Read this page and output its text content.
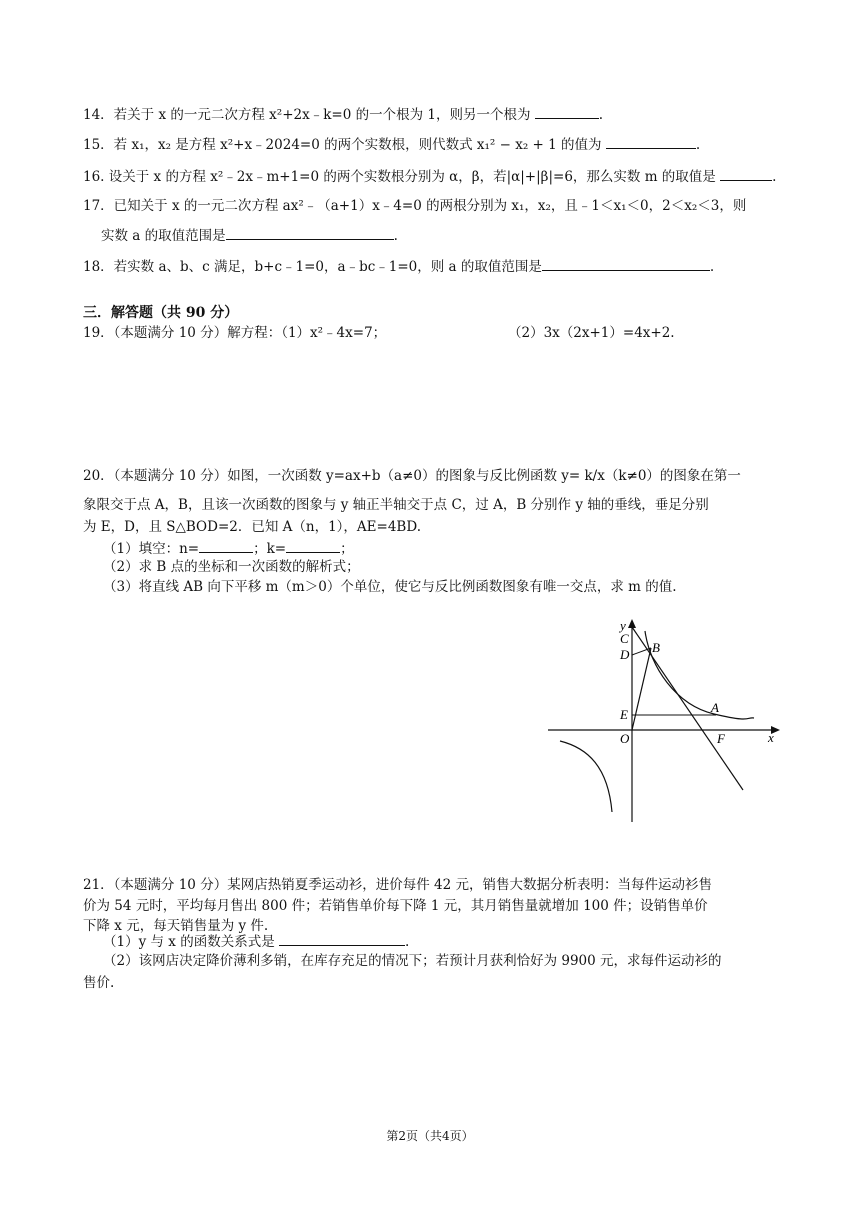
14．若关于 x 的一元二次方程 x²+2x﹣k=0 的一个根为 1，则另一个根为	.
15．若 x₁，x₂ 是方程 x²+x﹣2024=0 的两个实数根，则代数式 x₁² − x₂ + 1 的值为	.
16. 设关于 x 的方程 x²﹣2x﹣m+1=0 的两个实数根分别为 α，β，若|α|+|β|=6，那么实数 m 的取值是	.
17．已知关于 x 的一元二次方程 ax²﹣（a+1）x﹣4=0 的两根分别为 x₁，x₂，且﹣1＜x₁＜0，2＜x₂＜3，则
实数 a 的取值范围是	.
18．若实数 a、b、c 满足，b+c﹣1=0，a﹣bc﹣1=0，则 a 的取值范围是	.
三．解答题（共 90 分）
19．（本题满分 10 分）解方程：（1）x²﹣4x=7；	（2）3x（2x+1）=4x+2.
20．（本题满分 10 分）如图，一次函数 y=ax+b（a≠0）的图象与反比例函数 y= k/x（k≠0）的图象在第一
象限交于点 A，B，且该一次函数的图象与 y 轴正半轴交于点 C，过 A，B 分别作 y 轴的垂线，垂足分别
为 E，D，且 S△BOD=2．已知 A（n，1），AE=4BD.
（1）填空：n=	；k=	；
（2）求 B 点的坐标和一次函数的解析式；
（3）将直线 AB 向下平移 m（m＞0）个单位，使它与反比例函数图象有唯一交点，求 m 的值.
y
x
O
C
D B
E	A
F
21．（本题满分 10 分）某网店热销夏季运动衫，进价每件 42 元，销售大数据分析表明：当每件运动衫售
价为 54 元时，平均每月售出 800 件；若销售单价每下降 1 元，其月销售量就增加 100 件；设销售单价
下降 x 元，每天销售量为 y 件.
（1）y 与 x 的函数关系式是	.
（2）该网店决定降价薄利多销，在库存充足的情况下；若预计月获利恰好为 9900 元，求每件运动衫的
售价.
第2页（共4页）
